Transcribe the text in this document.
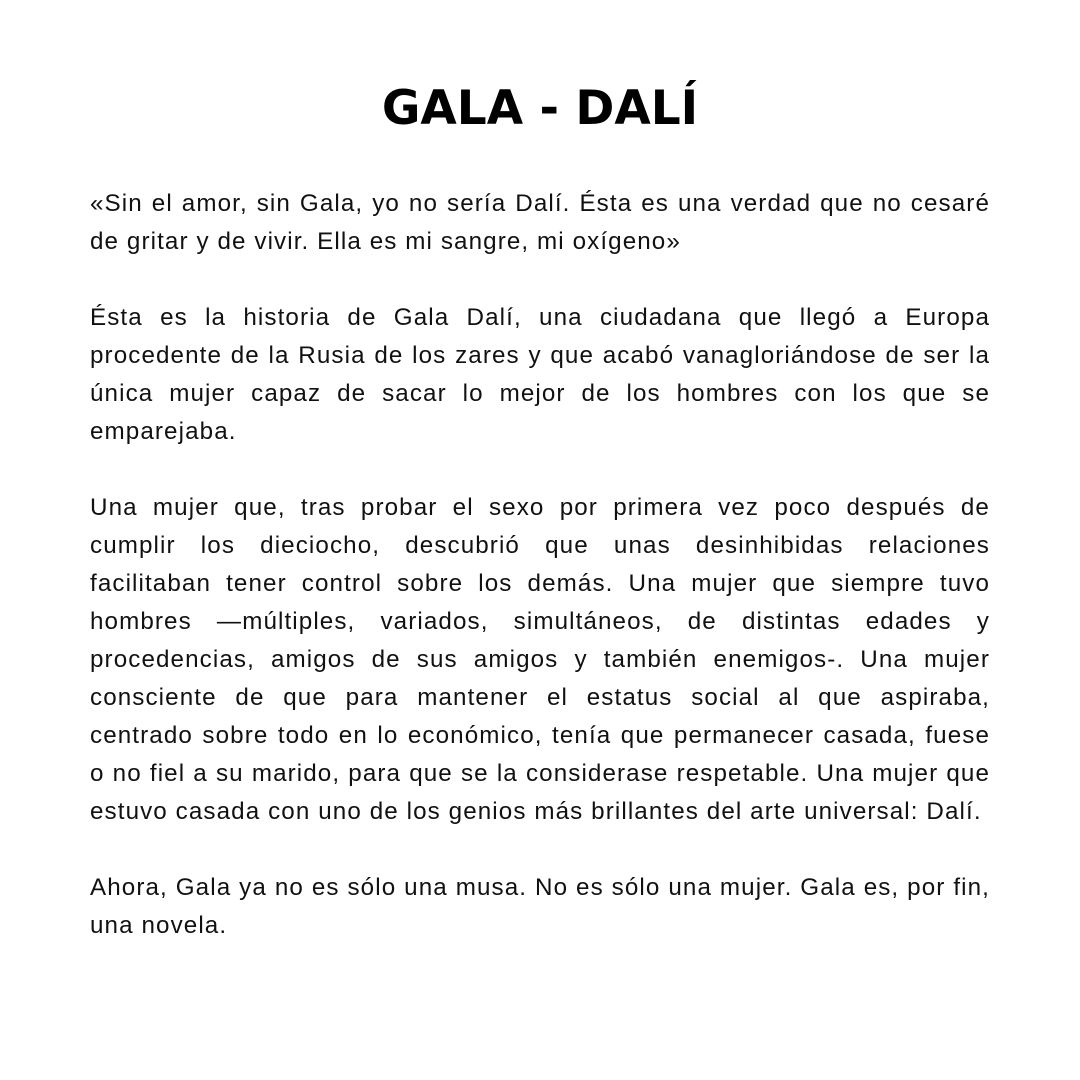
GALA - DALÍ

«Sin el amor, sin Gala, yo no sería Dalí. Ésta es una verdad que no cesaré de gritar y de vivir. Ella es mi sangre, mi oxígeno»

Ésta es la historia de Gala Dalí, una ciudadana que llegó a Europa procedente de la Rusia de los zares y que acabó vanagloriándose de ser la única mujer capaz de sacar lo mejor de los hombres con los que se emparejaba.

Una mujer que, tras probar el sexo por primera vez poco después de cumplir los dieciocho, descubrió que unas desinhibidas relaciones facilitaban tener control sobre los demás. Una mujer que siempre tuvo hombres —múltiples, variados, simultáneos, de distintas edades y procedencias, amigos de sus amigos y también enemigos-. Una mujer consciente de que para mantener el estatus social al que aspiraba, centrado sobre todo en lo económico, tenía que permanecer casada, fuese o no fiel a su marido, para que se la considerase respetable. Una mujer que estuvo casada con uno de los genios más brillantes del arte universal: Dalí.

Ahora, Gala ya no es sólo una musa. No es sólo una mujer. Gala es, por fin, una novela.
